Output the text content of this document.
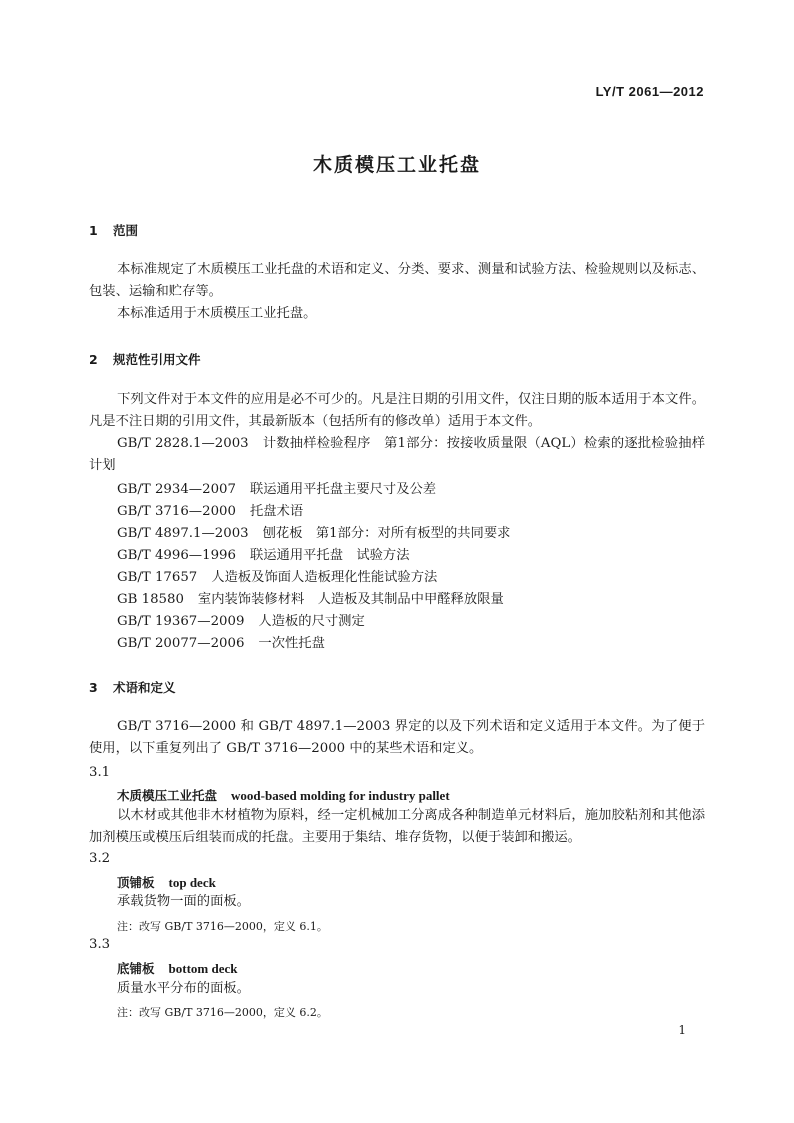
LY/T 2061—2012
木质模压工业托盘
1 范围
本标准规定了木质模压工业托盘的术语和定义、分类、要求、测量和试验方法、检验规则以及标志、包装、运输和贮存等。
本标准适用于木质模压工业托盘。
2 规范性引用文件
下列文件对于本文件的应用是必不可少的。凡是注日期的引用文件，仅注日期的版本适用于本文件。凡是不注日期的引用文件，其最新版本（包括所有的修改单）适用于本文件。
GB/T 2828.1—2003 计数抽样检验程序　第1部分：按接收质量限（AQL）检索的逐批检验抽样计划
GB/T 2934—2007 联运通用平托盘主要尺寸及公差
GB/T 3716—2000 托盘术语
GB/T 4897.1—2003 刨花板　第1部分：对所有板型的共同要求
GB/T 4996—1996 联运通用平托盘　试验方法
GB/T 17657 人造板及饰面人造板理化性能试验方法
GB 18580 室内装饰装修材料　人造板及其制品中甲醛释放限量
GB/T 19367—2009 人造板的尺寸测定
GB/T 20077—2006 一次性托盘
3 术语和定义
GB/T 3716—2000 和 GB/T 4897.1—2003 界定的以及下列术语和定义适用于本文件。为了便于使用，以下重复列出了 GB/T 3716—2000 中的某些术语和定义。
3.1
木质模压工业托盘 wood-based molding for industry pallet
以木材或其他非木材植物为原料，经一定机械加工分离成各种制造单元材料后，施加胶粘剂和其他添加剂模压或模压后组装而成的托盘。主要用于集结、堆存货物，以便于装卸和搬运。
3.2
顶铺板 top deck
承载货物一面的面板。
注：改写 GB/T 3716—2000，定义 6.1。
3.3
底铺板 bottom deck
质量水平分布的面板。
注：改写 GB/T 3716—2000，定义 6.2。
1
